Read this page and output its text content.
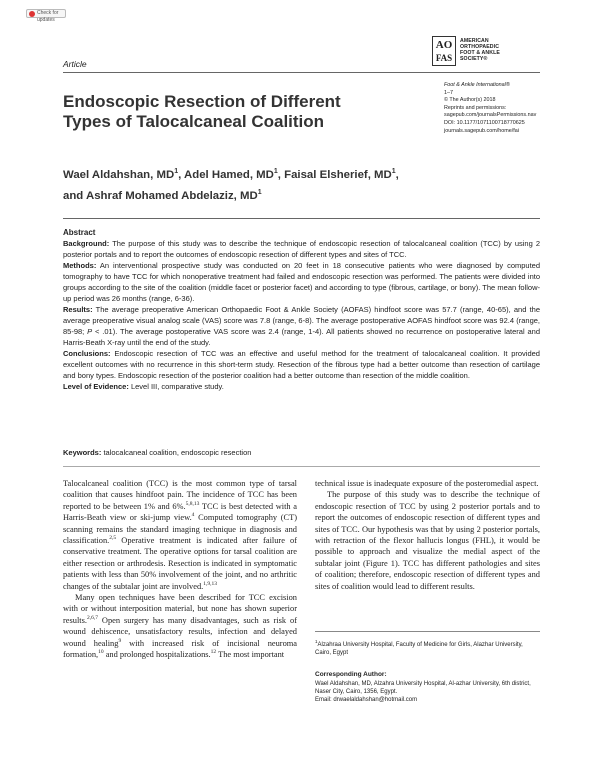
Check for updates
AO
FAS
AMERICAN
ORTHOPAEDIC
FOOT & ANKLE
SOCIETY®
Article
Foot & Ankle International®
1–7
© The Author(s) 2018
Reprints and permissions:
sagepub.com/journalsPermissions.nav
DOI: 10.1177/1071100718770625
journals.sagepub.com/home/fai
Endoscopic Resection of Different
Types of Talocalcaneal Coalition
Wael Aldahshan, $MD^1$, Adel Hamed, $MD^1$, Faisal Elsherief, $MD^1$,
and Ashraf Mohamed Abdelaziz, $MD^1$

Abstract

Background: The purpose of this study was to describe the technique of endoscopic resection of talocalcaneal coalition (TCC) by using 2 posterior portals and to report the outcomes of endoscopic resection of different types and sites of TCC.

Methods: An interventional prospective study was conducted on 20 feet in 18 consecutive patients who were diagnosed by computed tomography to have TCC for which nonoperative treatment had failed and endoscopic resection was performed. The patients were divided into groups according to the site of the coalition (middle facet or posterior facet) and according to type (fibrous, cartilage, or bony). The mean follow-up period was 26 months (range, 6-36).

Results: The average preoperative American Orthopaedic Foot & Ankle Society (AOFAS) hindfoot score was 57.7 (range, 40-65), and the average preoperative visual analog scale (VAS) score was 7.8 (range, 6-8). The average postoperative AOFAS hindfoot score was 92.4 (range, 85-98; P < .01). The average postoperative VAS score was 2.4 (range, 1-4). All patients showed no recurrence on postoperative lateral and Harris-Beath X-ray until the end of the study.

Conclusions: Endoscopic resection of TCC was an effective and useful method for the treatment of talocalcaneal coalition. It provided excellent outcomes with no recurrence in this short-term study. Resection of the fibrous type had a better outcome than resection of cartilage and bony types. Endoscopic resection of the posterior coalition had a better outcome than resection of the middle coalition.

Level of Evidence: Level III, comparative study.

Keywords: talocalcaneal coalition, endoscopic resection

Talocalcaneal coalition (TCC) is the most common type of tarsal coalition that causes hindfoot pain. The incidence of TCC has been reported to be between 1% and 6%.$^{5,8,13}$ TCC is best detected with a Harris-Beath view or ski-jump view.$^4$ Computed tomography (CT) scanning remains the standard imaging technique in diagnosis and classification.$^{2,5}$ Operative treatment is indicated after failure of conservative treatment. The operative options for tarsal coalition are either resection or arthrodesis. Resection is indicated in symptomatic patients with less than 50% involvement of the joint, and no arthritic changes of the subtalar joint are involved.$^{1,9,13}$

Many open techniques have been described for TCC excision with or without interposition material, but none has shown superior results.$^{2,6,7}$ Open surgery has many disadvantages, such as risk of wound dehiscence, unsatisfactory results, infection and delayed wound healing$^9$ with increased risk of incisional neuroma formation,$^{10}$ and prolonged hospitalizations.$^{12}$ The most important

technical issue is inadequate exposure of the posteromedial aspect.

The purpose of this study was to describe the technique of endoscopic resection of TCC by using 2 posterior portals and to report the outcomes of endoscopic resection of different types and sites of TCC. Our hypothesis was that by using 2 posterior portals, with retraction of the flexor hallucis longus (FHL), it would be possible to approach and visualize the medial aspect of the subtalar joint (Figure 1). TCC has different pathologies and sites of coalition; therefore, endoscopic resection of different types and sites of coalition would lead to different results.

$^1$Alzahraa University Hospital, Faculty of Medicine for Girls, Alazhar University, Cairo, Egypt
Corresponding Author:
Wael Aldahshan, MD, Alzahra University Hospital, Al-azhar University, 6th district, Naser City, Cairo, 1356, Egypt.
Email: drwaelaldahshan@hotmail.com
